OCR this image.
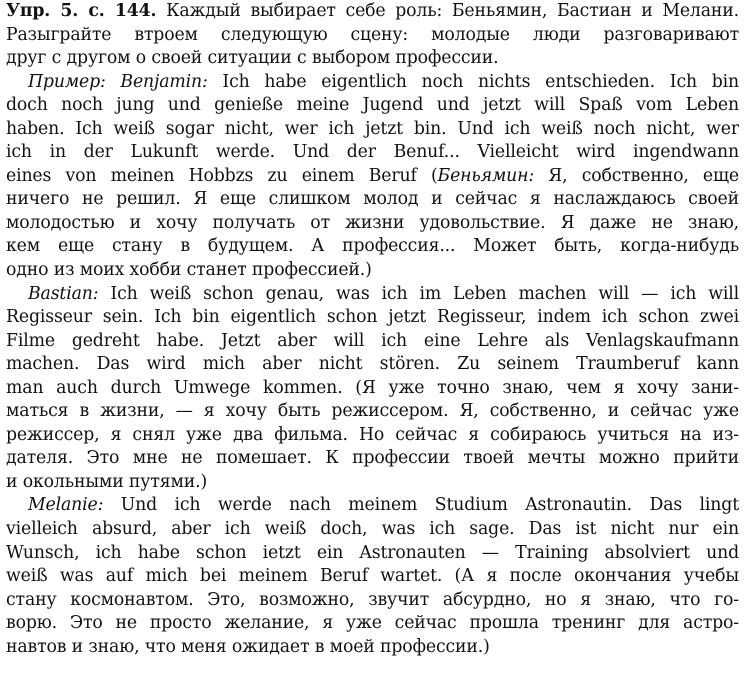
Упр. 5. с. 144. Каждый выбирает себе роль: Беньямин, Бастиан и Мелани.
Разыграйте втроем следующую сцену: молодые люди разговаривают
друг с другом о своей ситуации с выбором профессии.
Пример: Benjamin: Ich habe eigentlich noch nichts entschieden. Ich bin
doch noch jung und genieße meine Jugend und jetzt will Spaß vom Leben
haben. Ich weiß sogar nicht, wer ich jetzt bin. Und ich weiß noch nicht, wer
ich in der Lukunft werde. Und der Benuf... Vielleicht wird ingendwann
eines von meinen Hobbzs zu einem Beruf (Беньямин: Я, собственно, еще
ничего не решил. Я еще слишком молод и сейчас я наслаждаюсь своей
молодостью и хочу получать от жизни удовольствие. Я даже не знаю,
кем еще стану в будущем. А профессия... Может быть, когда-нибудь
одно из моих хобби станет профессией.)
Bastian: Ich weiß schon genau, was ich im Leben machen will — ich will
Regisseur sein. Ich bin eigentlich schon jetzt Regisseur, indem ich schon zwei
Filme gedreht habe. Jetzt aber will ich eine Lehre als Venlagskaufmann
machen. Das wird mich aber nicht stören. Zu seinem Traumberuf kann
man auch durch Umwege kommen. (Я уже точно знаю, чем я хочу зани-
маться в жизни, — я хочу быть режиссером. Я, собственно, и сейчас уже
режиссер, я снял уже два фильма. Но сейчас я собираюсь учиться на из-
дателя. Это мне не помешает. К профессии твоей мечты можно прийти
и окольными путями.)
Melanie: Und ich werde nach meinem Studium Astronautin. Das lingt
vielleich absurd, aber ich weiß doch, was ich sage. Das ist nicht nur ein
Wunsch, ich habe schon ietzt ein Astronauten — Training absolviert und
weiß was auf mich bei meinem Beruf wartet. (А я после окончания учебы
стану космонавтом. Это, возможно, звучит абсурдно, но я знаю, что го-
ворю. Это не просто желание, я уже сейчас прошла тренинг для астро-
навтов и знаю, что меня ожидает в моей профессии.)
